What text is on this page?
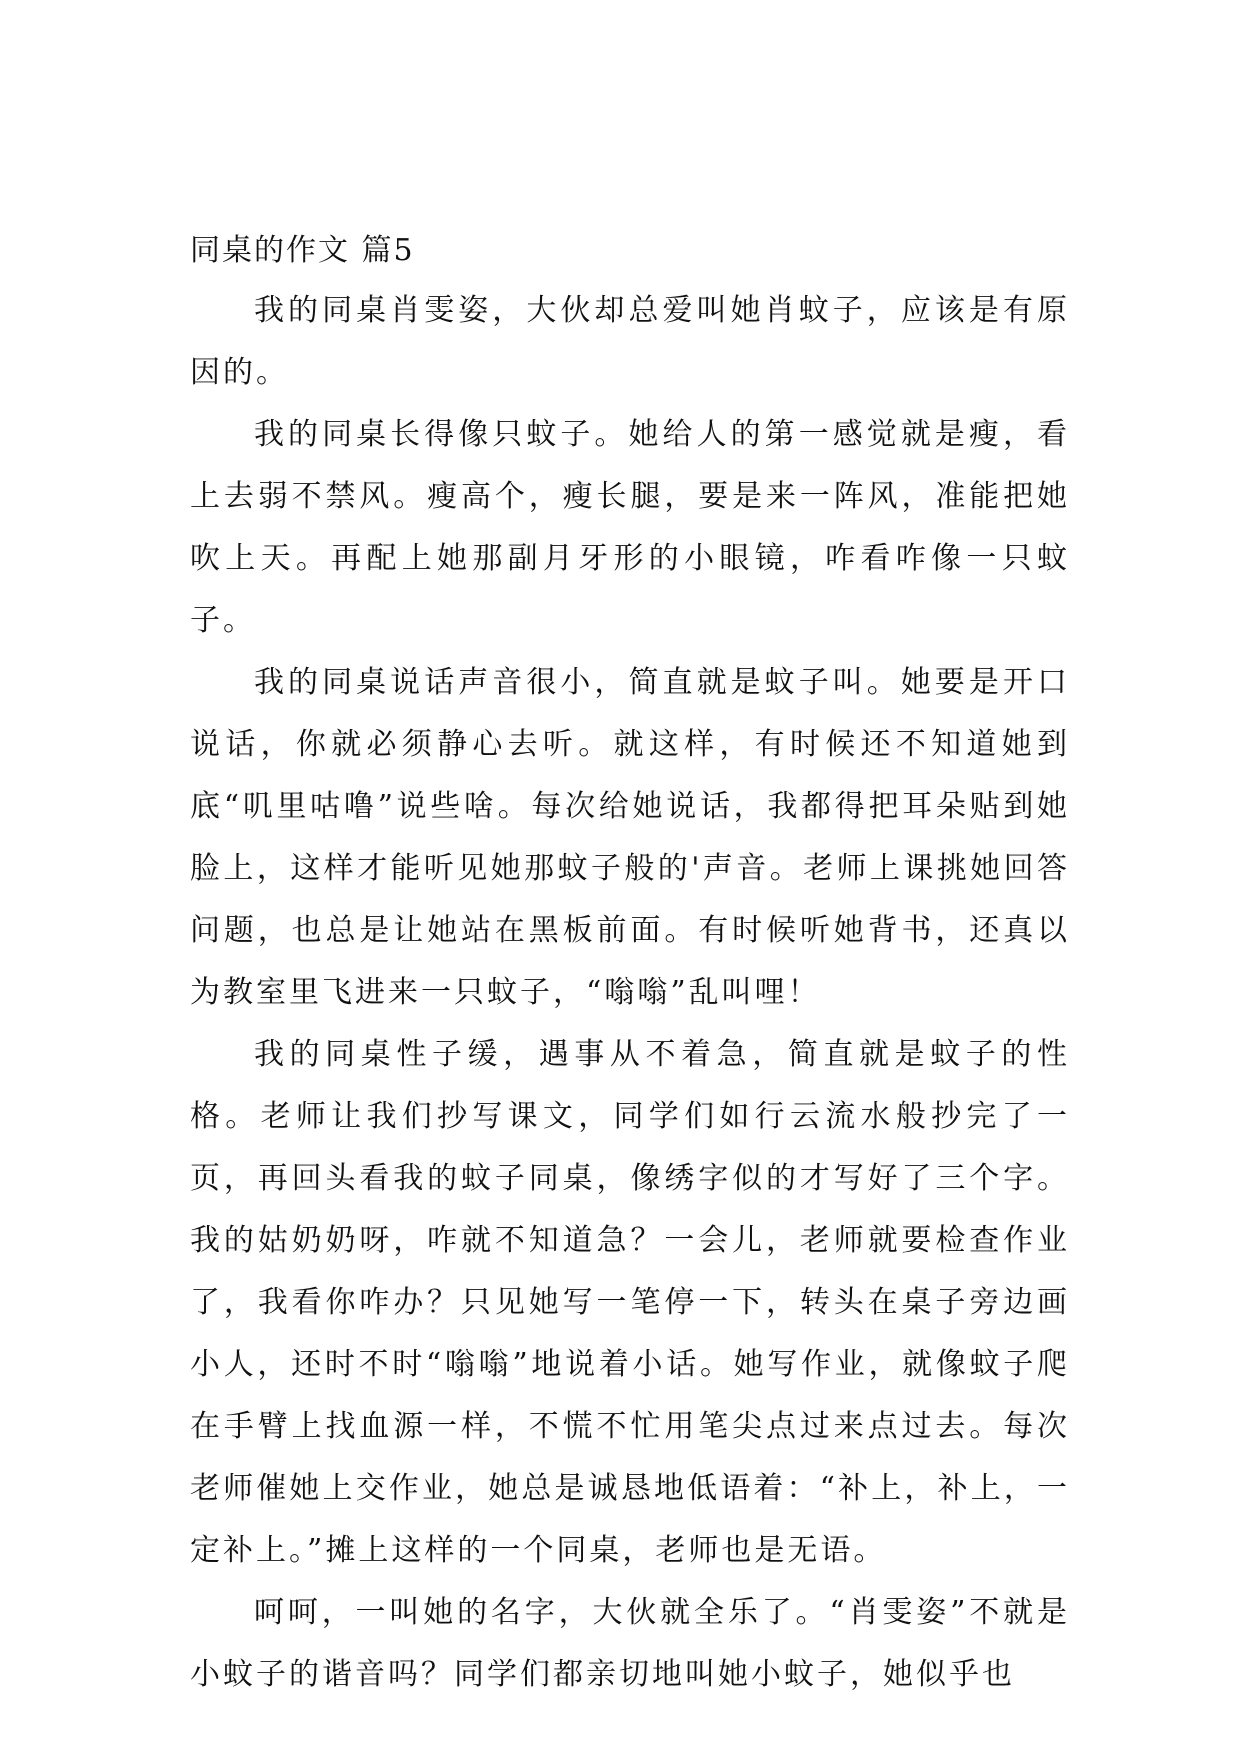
同桌的作文 篇5

我的同桌肖雯姿，大伙却总爱叫她肖蚊子，应该是有原因的。

我的同桌长得像只蚊子。她给人的第一感觉就是瘦，看上去弱不禁风。瘦高个，瘦长腿，要是来一阵风，准能把她吹上天。再配上她那副月牙形的小眼镜，咋看咋像一只蚊子。

我的同桌说话声音很小，简直就是蚊子叫。她要是开口说话，你就必须静心去听。就这样，有时候还不知道她到底“叽里咕噜”说些啥。每次给她说话，我都得把耳朵贴到她脸上，这样才能听见她那蚊子般的'声音。老师上课挑她回答问题，也总是让她站在黑板前面。有时候听她背书，还真以为教室里飞进来一只蚊子，“嗡嗡”乱叫哩！

我的同桌性子缓，遇事从不着急，简直就是蚊子的性格。老师让我们抄写课文，同学们如行云流水般抄完了一页，再回头看我的蚊子同桌，像绣字似的才写好了三个字。我的姑奶奶呀，咋就不知道急？一会儿，老师就要检查作业了，我看你咋办？只见她写一笔停一下，转头在桌子旁边画小人，还时不时“嗡嗡”地说着小话。她写作业，就像蚊子爬在手臂上找血源一样，不慌不忙用笔尖点过来点过去。每次老师催她上交作业，她总是诚恳地低语着：“补上，补上，一定补上。”摊上这样的一个同桌，老师也是无语。

呵呵，一叫她的名字，大伙就全乐了。“肖雯姿”不就是小蚊子的谐音吗？同学们都亲切地叫她小蚊子，她似乎也
